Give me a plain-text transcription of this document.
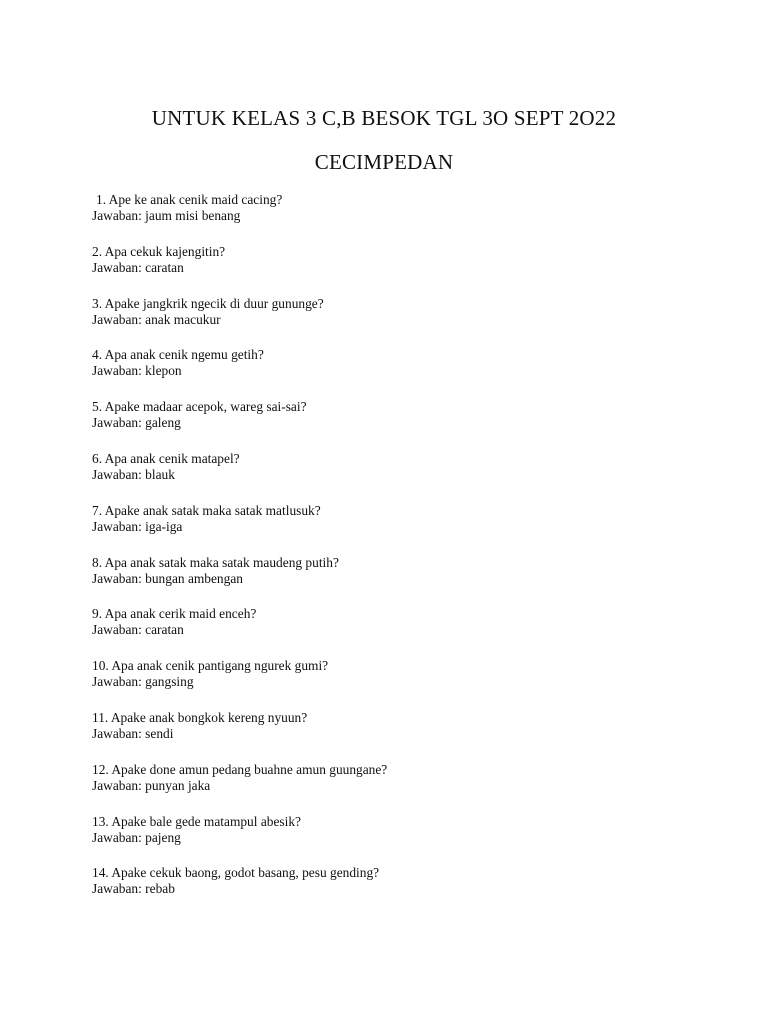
UNTUK KELAS 3 C,B BESOK TGL 3O SEPT 2O22
CECIMPEDAN
1. Ape ke anak cenik maid cacing?
Jawaban: jaum misi benang
2. Apa cekuk kajengitin?
Jawaban: caratan
3. Apake jangkrik ngecik di duur gununge?
Jawaban: anak macukur
4. Apa anak cenik ngemu getih?
Jawaban: klepon
5. Apake madaar acepok, wareg sai-sai?
Jawaban: galeng
6. Apa anak cenik matapel?
Jawaban: blauk
7. Apake anak satak maka satak matlusuk?
Jawaban: iga-iga
8. Apa anak satak maka satak maudeng putih?
Jawaban: bungan ambengan
9. Apa anak cerik maid enceh?
Jawaban: caratan
10. Apa anak cenik pantigang ngurek gumi?
Jawaban: gangsing
11. Apake anak bongkok kereng nyuun?
Jawaban: sendi
12. Apake done amun pedang buahne amun guungane?
Jawaban: punyan jaka
13. Apake bale gede matampul abesik?
Jawaban: pajeng
14. Apake cekuk baong, godot basang, pesu gending?
Jawaban: rebab
